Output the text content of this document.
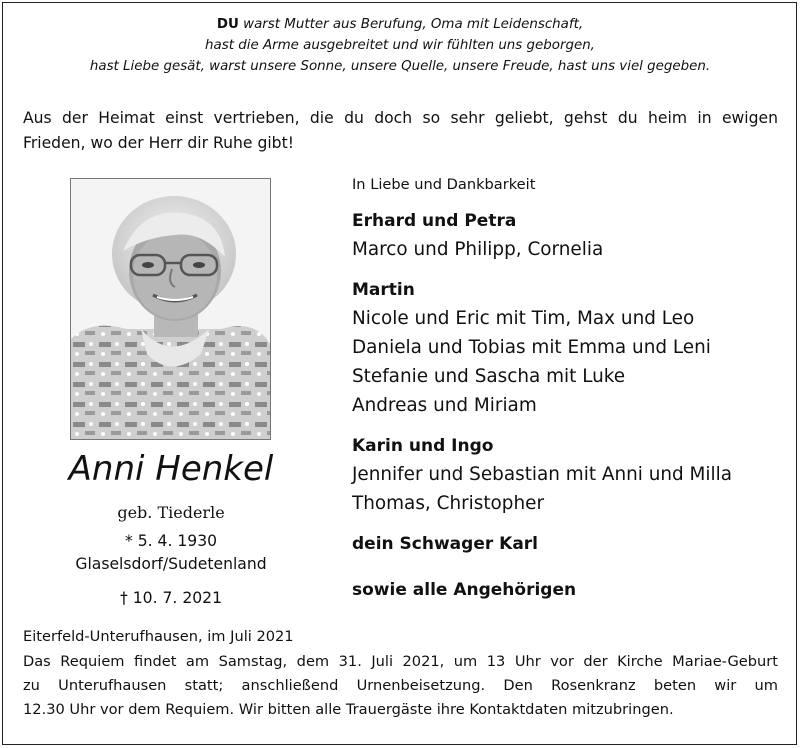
DU warst Mutter aus Berufung, Oma mit Leidenschaft,
hast die Arme ausgebreitet und wir fühlten uns geborgen,
hast Liebe gesät, warst unsere Sonne, unsere Quelle, unsere Freude, hast uns viel gegeben.
Aus der Heimat einst vertrieben, die du doch so sehr geliebt, gehst du heim in ewigen
Frieden, wo der Herr dir Ruhe gibt!
Anni Henkel
geb. Tiederle
* 5. 4. 1930
Glaselsdorf/Sudetenland
† 10. 7. 2021
In Liebe und Dankbarkeit
Erhard und Petra
Marco und Philipp, Cornelia
Martin
Nicole und Eric mit Tim, Max und Leo
Daniela und Tobias mit Emma und Leni
Stefanie und Sascha mit Luke
Andreas und Miriam
Karin und Ingo
Jennifer und Sebastian mit Anni und Milla
Thomas, Christopher
dein Schwager Karl
sowie alle Angehörigen
Eiterfeld-Unterufhausen, im Juli 2021
Das Requiem findet am Samstag, dem 31. Juli 2021, um 13 Uhr vor der Kirche Mariae-Geburt
zu Unterufhausen statt; anschließend Urnenbeisetzung. Den Rosenkranz beten wir um
12.30 Uhr vor dem Requiem. Wir bitten alle Trauergäste ihre Kontaktdaten mitzubringen.
